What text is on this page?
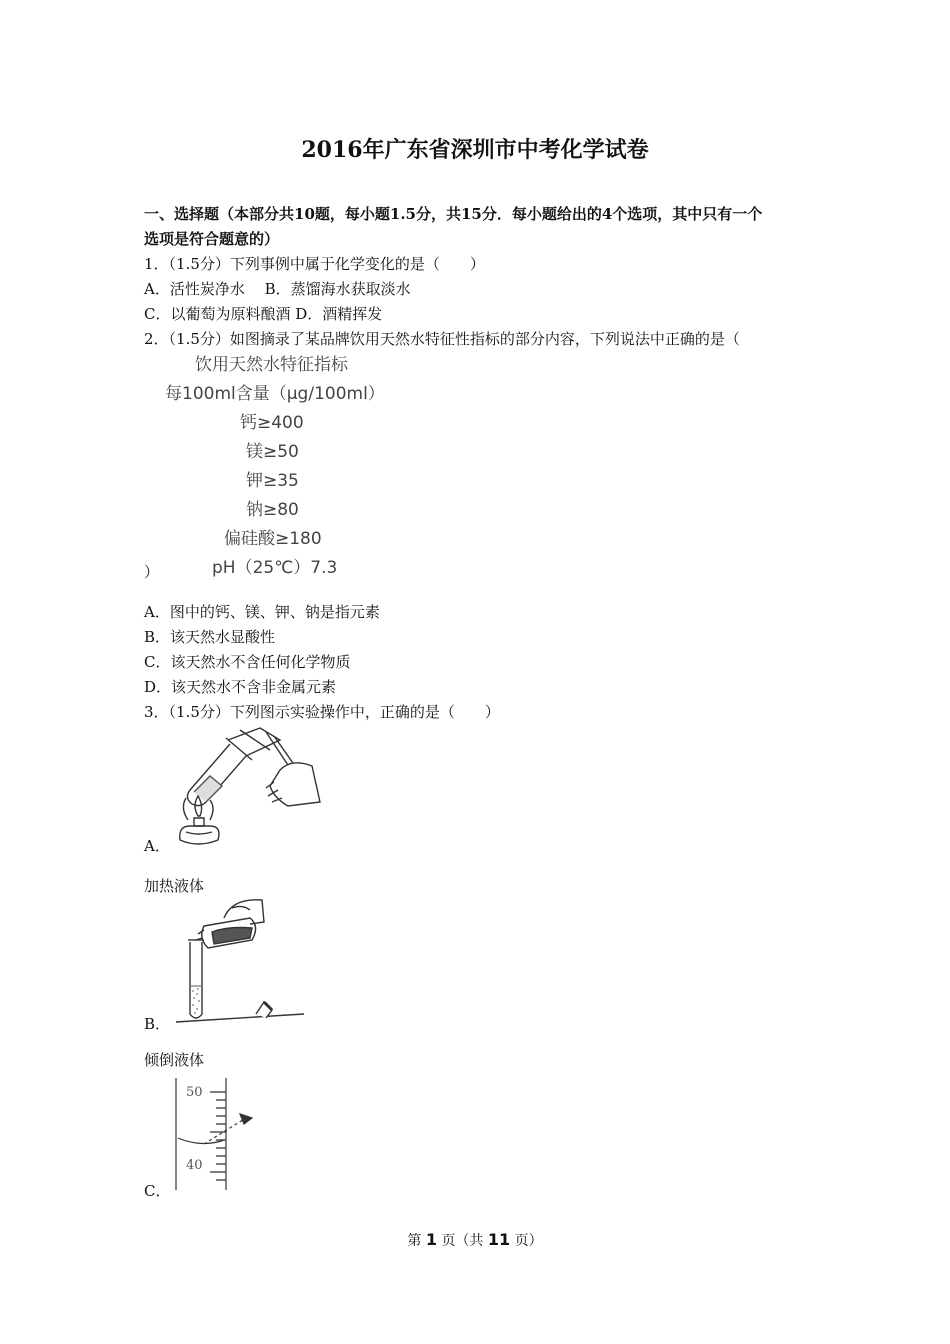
2016年广东省深圳市中考化学试卷
一、选择题（本部分共10题，每小题1.5分，共15分．每小题给出的4个选项，其中只有一个
选项是符合题意的）
1．（1.5分）下列事例中属于化学变化的是（　　）
A．活性炭净水　 B．蒸馏海水获取淡水
C．以葡萄为原料酿酒 D．酒精挥发
2．（1.5分）如图摘录了某品牌饮用天然水特征性指标的部分内容，下列说法中正确的是（
饮用天然水特征指标
每100ml含量（μg/100ml）
钙≥400
镁≥50
钾≥35
钠≥80
偏硅酸≥180
pH（25℃）7.3
）
A．图中的钙、镁、钾、钠是指元素
B．该天然水显酸性
C．该天然水不含任何化学物质
D．该天然水不含非金属元素
3．（1.5分）下列图示实验操作中，正确的是（　　）
A．
加热液体
B．
倾倒液体
50
40
C．
第 1 页（共 11 页）
